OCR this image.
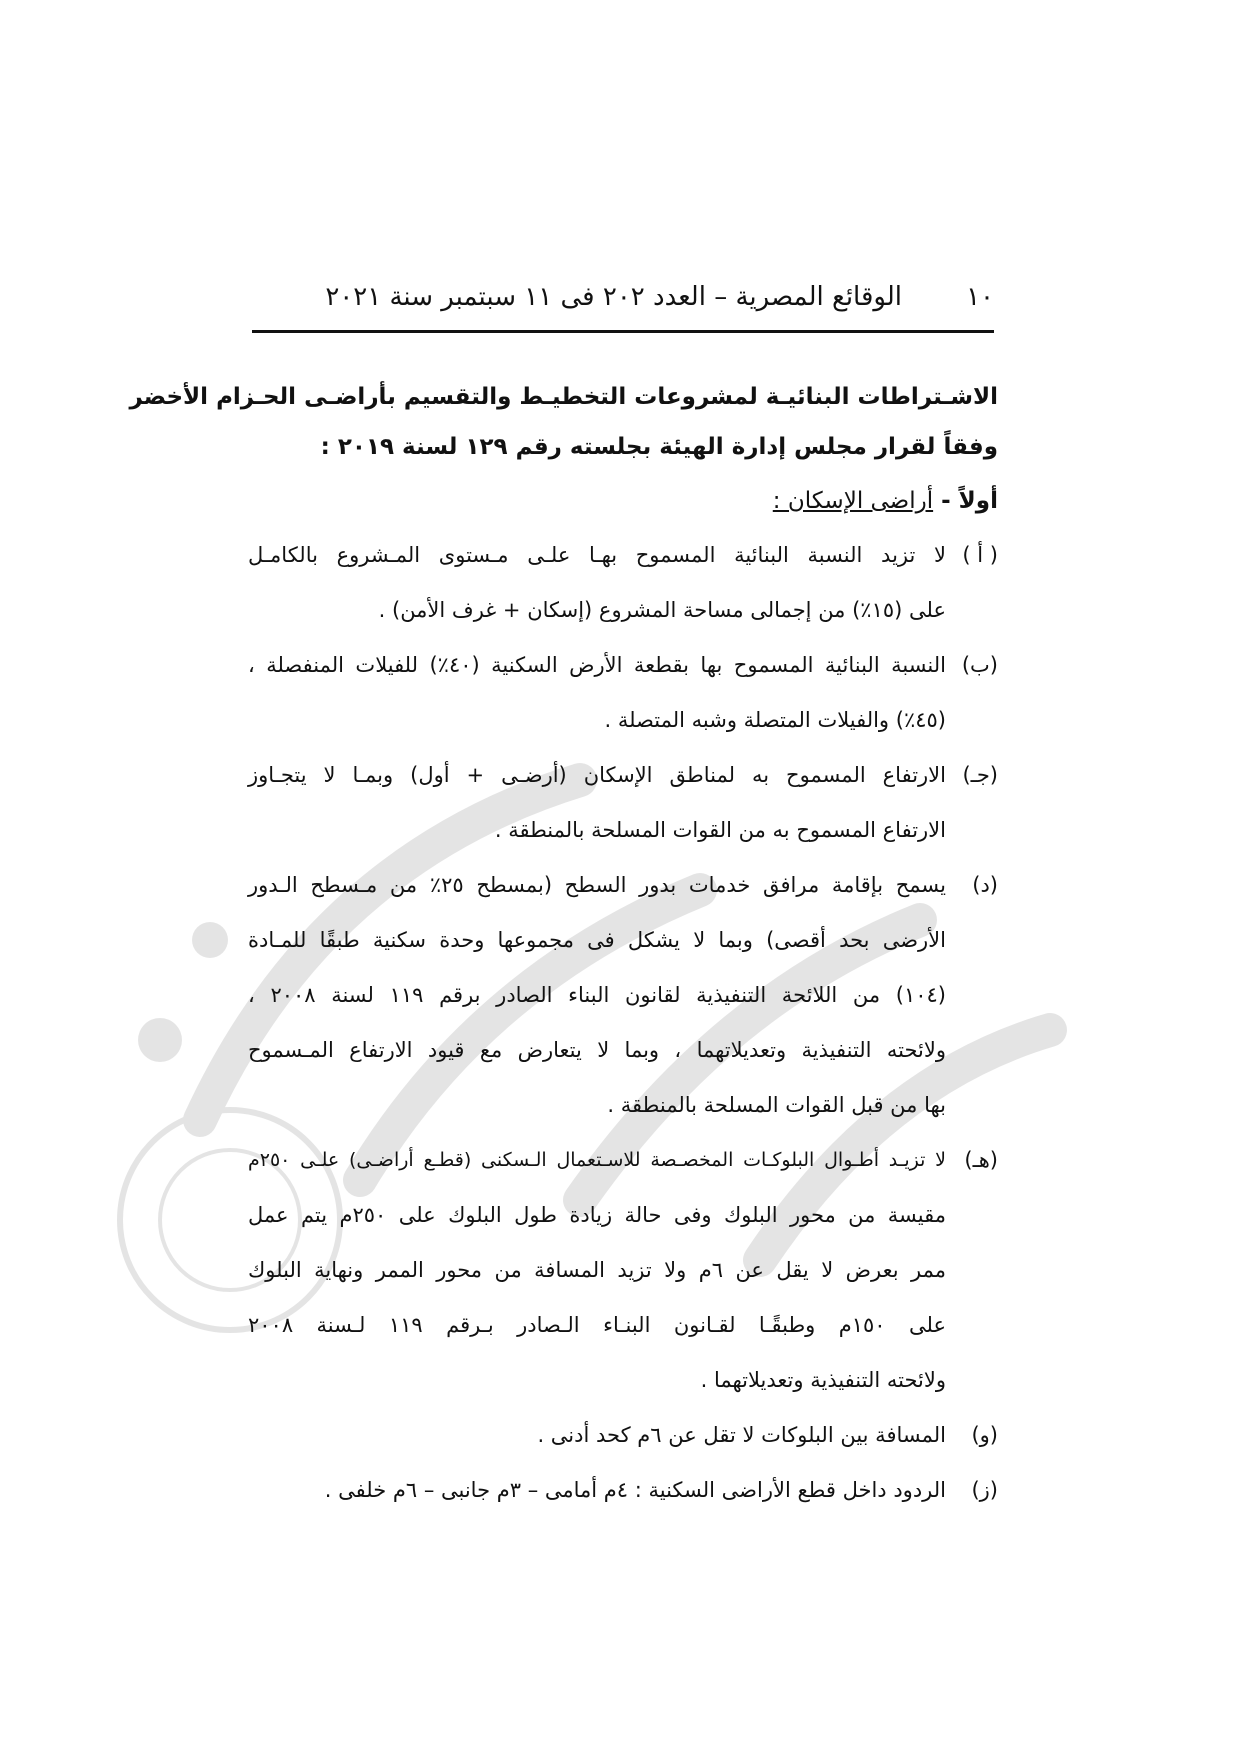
١٠
الوقائع المصرية – العدد ٢٠٢ فى ١١ سبتمبر سنة ٢٠٢١
الاشـتراطات البنائيـة لمشروعات التخطيـط والتقسيم بأراضـى الحـزام الأخضر
وفقاً لقرار مجلس إدارة الهيئة بجلسته رقم ١٢٩ لسنة ٢٠١٩ :
أولاً - أراضى الإسكان :
( أ )
لا تزيد النسبة البنائية المسموح بهـا علـى مـستوى المـشروع بالكامـل
على (١٥٪) من إجمالى مساحة المشروع (إسكان + غرف الأمن) .
(ب)
النسبة البنائية المسموح بها بقطعة الأرض السكنية (٤٠٪) للفيلات المنفصلة ،
(٤٥٪) والفيلات المتصلة وشبه المتصلة .
(جـ)
الارتفاع المسموح به لمناطق الإسكان (أرضـى + أول) وبمـا لا يتجـاوز
الارتفاع المسموح به من القوات المسلحة بالمنطقة .
(د)
يسمح بإقامة مرافق خدمات بدور السطح (بمسطح ٢٥٪ من مـسطح الـدور
الأرضى بحد أقصى) وبما لا يشكل فى مجموعها وحدة سكنية طبقًا للمـادة
(١٠٤) من اللائحة التنفيذية لقانون البناء الصادر برقم ١١٩ لسنة ٢٠٠٨ ،
ولائحته التنفيذية وتعديلاتهما ، وبما لا يتعارض مع قيود الارتفاع المـسموح
بها من قبل القوات المسلحة بالمنطقة .
(هـ)
لا تزيـد أطـوال البلوكـات المخصـصة للاسـتعمال الـسكنى (قطـع أراضـى) علـى ٢٥٠م
مقيسة من محور البلوك وفى حالة زيادة طول البلوك على ٢٥٠م يتم عمل
ممر بعرض لا يقل عن ٦م ولا تزيد المسافة من محور الممر ونهاية البلوك
على ١٥٠م وطبقًـا لقـانون البنـاء الـصادر بـرقم ١١٩ لـسنة ٢٠٠٨
ولائحته التنفيذية وتعديلاتهما .
(و)
المسافة بين البلوكات لا تقل عن ٦م كحد أدنى .
(ز)
الردود داخل قطع الأراضى السكنية : ٤م أمامى – ٣م جانبى – ٦م خلفى .
